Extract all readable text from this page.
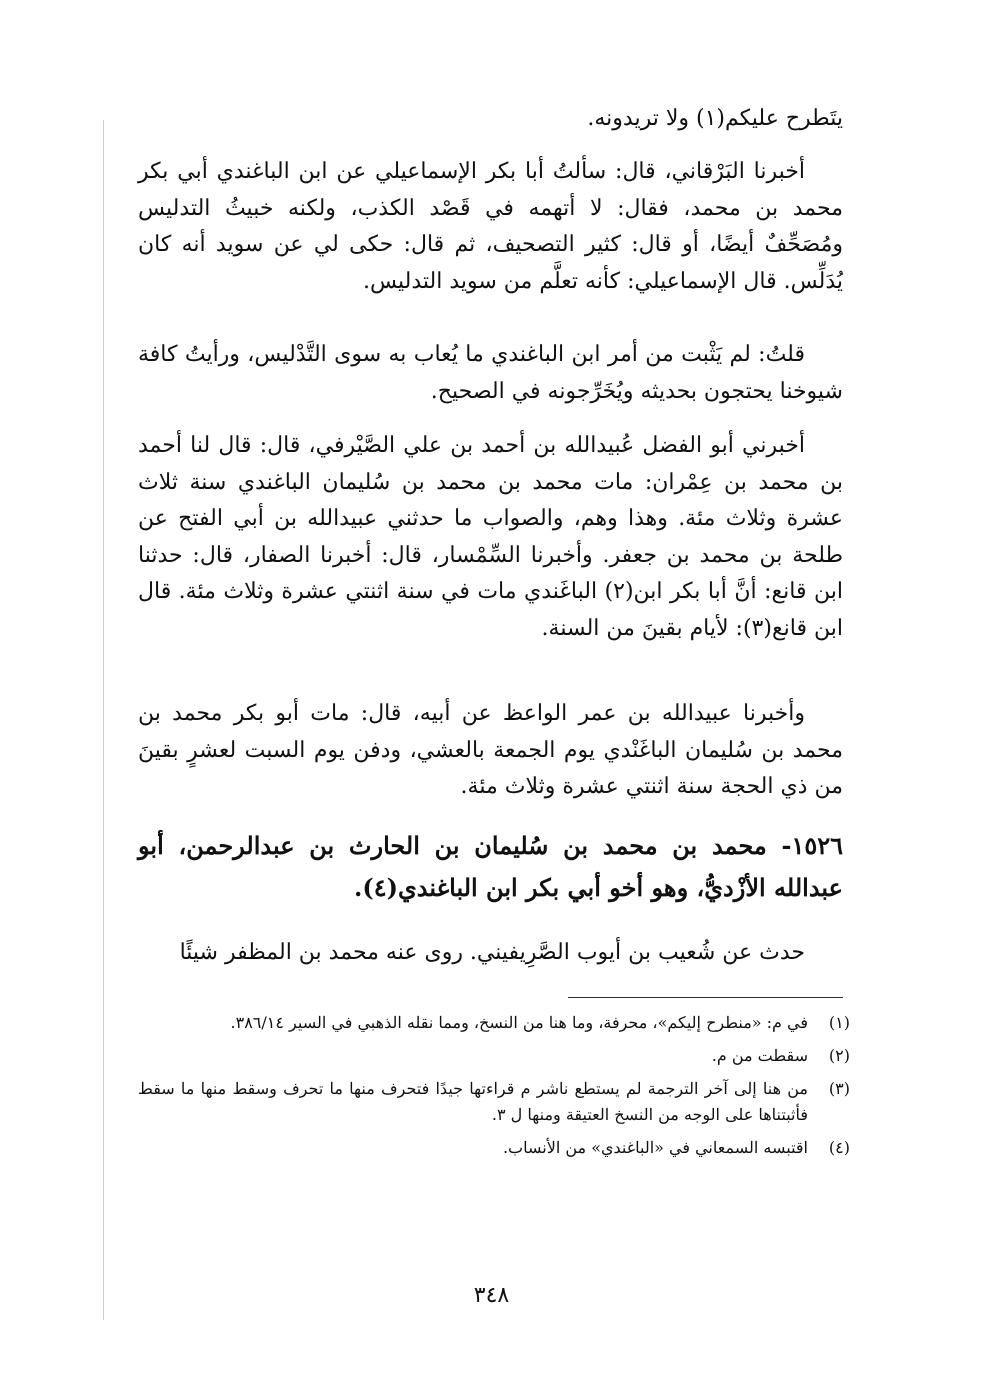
يتَطرح عليكم(١) ولا تريدونه.

أخبرنا البَرْقاني، قال: سألتُ أبا بكر الإسماعيلي عن ابن الباغندي أبي بكر محمد بن محمد، فقال: لا أتهمه في قَصْد الكذب، ولكنه خبيثُ التدليس ومُصَحِّفٌ أيضًا، أو قال: كثير التصحيف، ثم قال: حكى لي عن سويد أنه كان يُدَلِّس. قال الإسماعيلي: كأنه تعلَّم من سويد التدليس.

قلتُ: لم يَثْبت من أمر ابن الباغندي ما يُعاب به سوى التَّدْليس، ورأيتُ كافة شيوخنا يحتجون بحديثه ويُخَرِّجونه في الصحيح.

أخبرني أبو الفضل عُبيدالله بن أحمد بن علي الصَّيْرفي، قال: قال لنا أحمد بن محمد بن عِمْران: مات محمد بن محمد بن سُليمان الباغندي سنة ثلاث عشرة وثلاث مئة. وهذا وهم، والصواب ما حدثني عبيدالله بن أبي الفتح عن طلحة بن محمد بن جعفر. وأخبرنا السِّمْسار، قال: أخبرنا الصفار، قال: حدثنا ابن قانع: أنَّ أبا بكر ابن(٢) الباغَندي مات في سنة اثنتي عشرة وثلاث مئة. قال ابن قانع(٣): لأيام بقينَ من السنة.

وأخبرنا عبيدالله بن عمر الواعظ عن أبيه، قال: مات أبو بكر محمد بن محمد بن سُليمان الباغَنْدي يوم الجمعة بالعشي، ودفن يوم السبت لعشرٍ بقينَ من ذي الحجة سنة اثنتي عشرة وثلاث مئة.

١٥٢٦- محمد بن محمد بن سُليمان بن الحارث بن عبدالرحمن، أبو عبدالله الأزْديُّ، وهو أخو أبي بكر ابن الباغندي(٤).

حدث عن شُعيب بن أيوب الصَّرِيفيني. روى عنه محمد بن المظفر شيئًا

(١)
في م: «منطرح إليكم»، محرفة، وما هنا من النسخ، ومما نقله الذهبي في السير ٣٨٦/١٤.
(٢)
سقطت من م.
(٣)
من هنا إلى آخر الترجمة لم يستطع ناشر م قراءتها جيدًا فتحرف منها ما تحرف وسقط منها ما سقط فأثبتناها على الوجه من النسخ العتيقة ومنها ل ٣.
(٤)
اقتبسه السمعاني في «الباغندي» من الأنساب.
٣٤٨
